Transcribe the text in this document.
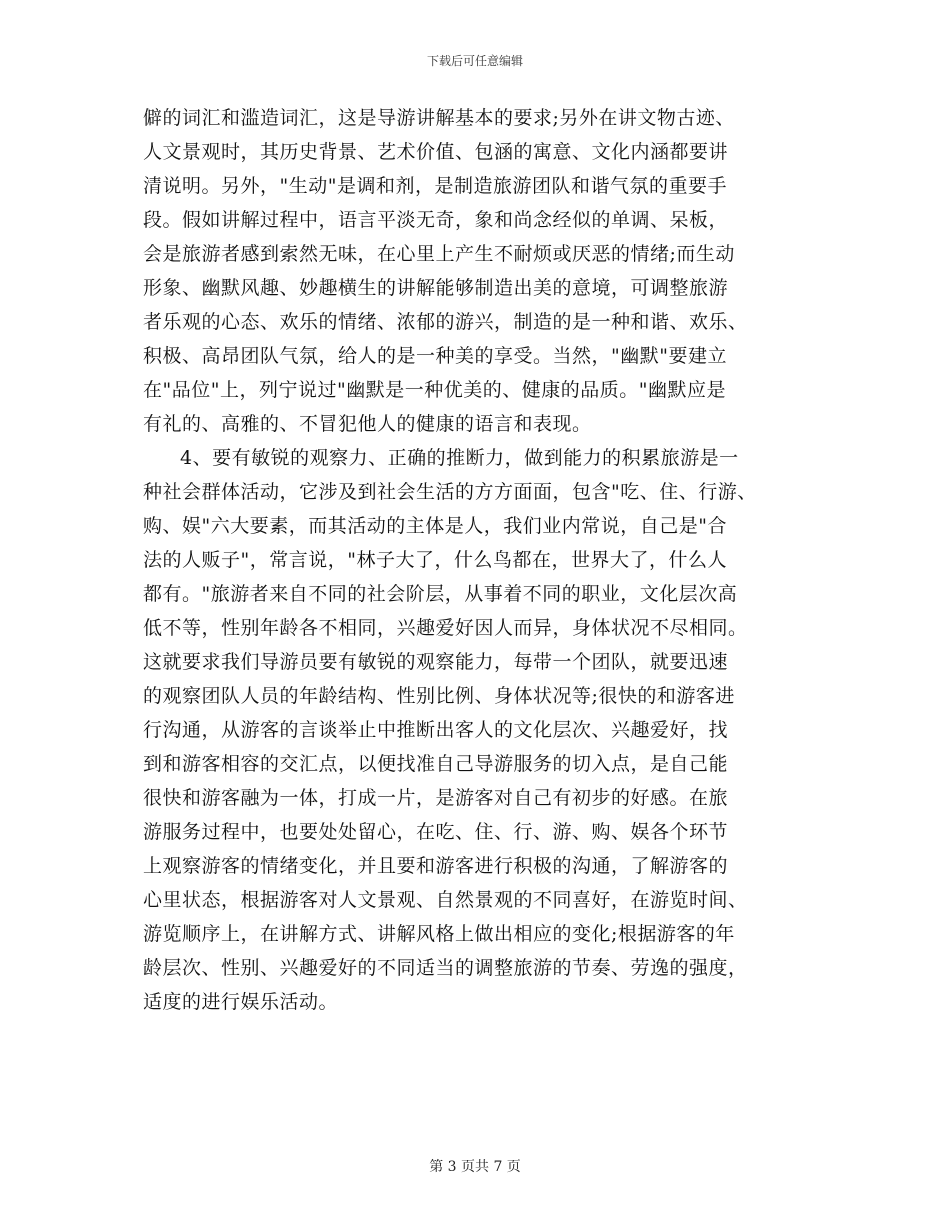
下载后可任意编辑
僻的词汇和滥造词汇，这是导游讲解基本的要求;另外在讲文物古迹、
人文景观时，其历史背景、艺术价值、包涵的寓意、文化内涵都要讲
清说明。另外，"生动"是调和剂，是制造旅游团队和谐气氛的重要手
段。假如讲解过程中，语言平淡无奇，象和尚念经似的单调、呆板，
会是旅游者感到索然无味，在心里上产生不耐烦或厌恶的情绪;而生动
形象、幽默风趣、妙趣横生的讲解能够制造出美的意境，可调整旅游
者乐观的心态、欢乐的情绪、浓郁的游兴，制造的是一种和谐、欢乐、
积极、高昂团队气氛，给人的是一种美的享受。当然，"幽默"要建立
在"品位"上，列宁说过"幽默是一种优美的、健康的品质。"幽默应是
有礼的、高雅的、不冒犯他人的健康的语言和表现。
4、要有敏锐的观察力、正确的推断力，做到能力的积累旅游是一
种社会群体活动，它涉及到社会生活的方方面面，包含"吃、住、行游、
购、娱"六大要素，而其活动的主体是人，我们业内常说，自己是"合
法的人贩子"，常言说，"林子大了，什么鸟都在，世界大了，什么人
都有。"旅游者来自不同的社会阶层，从事着不同的职业，文化层次高
低不等，性别年龄各不相同，兴趣爱好因人而异，身体状况不尽相同。
这就要求我们导游员要有敏锐的观察能力，每带一个团队，就要迅速
的观察团队人员的年龄结构、性别比例、身体状况等;很快的和游客进
行沟通，从游客的言谈举止中推断出客人的文化层次、兴趣爱好，找
到和游客相容的交汇点，以便找准自己导游服务的切入点，是自己能
很快和游客融为一体，打成一片，是游客对自己有初步的好感。在旅
游服务过程中，也要处处留心，在吃、住、行、游、购、娱各个环节
上观察游客的情绪变化，并且要和游客进行积极的沟通，了解游客的
心里状态，根据游客对人文景观、自然景观的不同喜好，在游览时间、
游览顺序上，在讲解方式、讲解风格上做出相应的变化;根据游客的年
龄层次、性别、兴趣爱好的不同适当的调整旅游的节奏、劳逸的强度，
适度的进行娱乐活动。
第 3 页共 7 页
